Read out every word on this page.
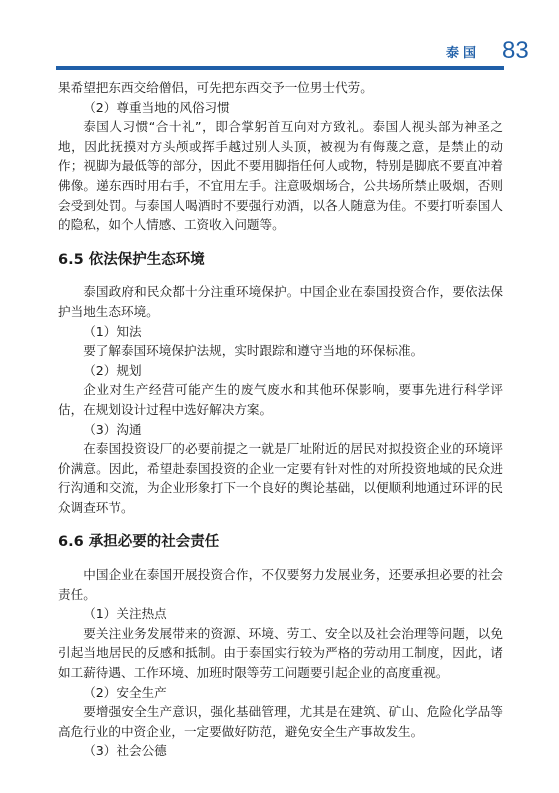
泰国 83

果希望把东西交给僧侣，可先把东西交予一位男士代劳。

（2）尊重当地的风俗习惯

泰国人习惯“合十礼”，即合掌躬首互向对方致礼。泰国人视头部为神圣之地，因此抚摸对方头颅或挥手越过别人头顶，被视为有侮蔑之意，是禁止的动作；视脚为最低等的部分，因此不要用脚指任何人或物，特别是脚底不要直冲着佛像。递东西时用右手，不宜用左手。注意吸烟场合，公共场所禁止吸烟，否则会受到处罚。与泰国人喝酒时不要强行劝酒，以各人随意为佳。不要打听泰国人的隐私，如个人情感、工资收入问题等。

6.5 依法保护生态环境

泰国政府和民众都十分注重环境保护。中国企业在泰国投资合作，要依法保护当地生态环境。

（1）知法

要了解泰国环境保护法规，实时跟踪和遵守当地的环保标准。

（2）规划

企业对生产经营可能产生的废气废水和其他环保影响，要事先进行科学评估，在规划设计过程中选好解决方案。

（3）沟通

在泰国投资设厂的必要前提之一就是厂址附近的居民对拟投资企业的环境评价满意。因此，希望赴泰国投资的企业一定要有针对性的对所投资地域的民众进行沟通和交流，为企业形象打下一个良好的舆论基础，以便顺利地通过环评的民众调查环节。

6.6 承担必要的社会责任

中国企业在泰国开展投资合作，不仅要努力发展业务，还要承担必要的社会责任。

（1）关注热点

要关注业务发展带来的资源、环境、劳工、安全以及社会治理等问题，以免引起当地居民的反感和抵制。由于泰国实行较为严格的劳动用工制度，因此，诸如工薪待遇、工作环境、加班时限等劳工问题要引起企业的高度重视。

（2）安全生产

要增强安全生产意识，强化基础管理，尤其是在建筑、矿山、危险化学品等高危行业的中资企业，一定要做好防范，避免安全生产事故发生。

（3）社会公德
